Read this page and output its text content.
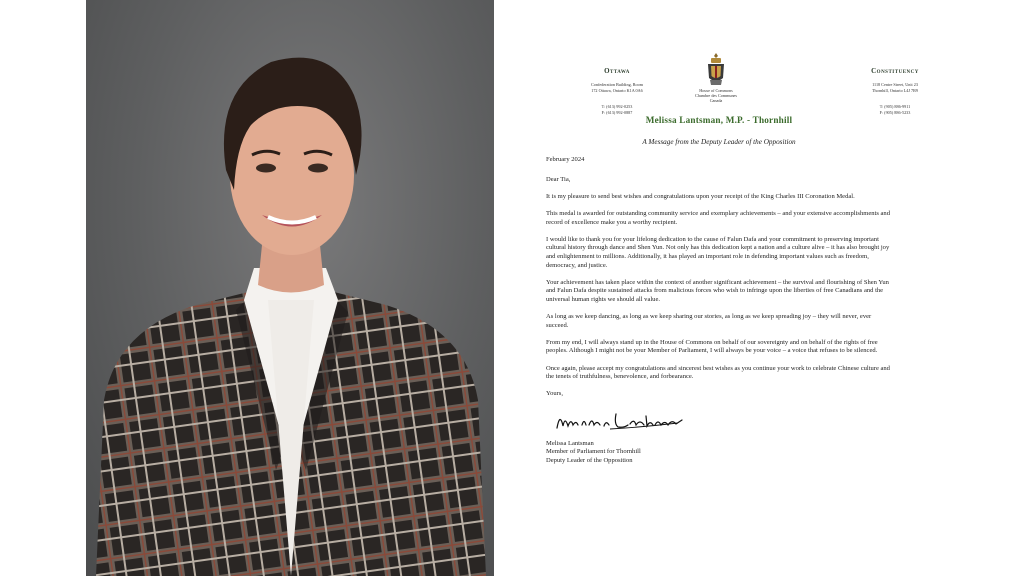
Ottawa
Confederation Building, Room
172 Ottawa, Ontario K1A 0A6
T: (613) 992-0253
F: (613) 992-0887
House of Commons
Chambre des Communes
Canada
Constituency
1118 Centre Street, Unit 23
Thornhill, Ontario L4J 7R9
T: (905) 886-9911
F: (905) 886-5233
Melissa Lantsman, M.P. - Thornhill
A Message from the Deputy Leader of the Opposition

February 2024

Dear Tia,

It is my pleasure to send best wishes and congratulations upon your receipt of the King Charles III Coronation Medal.

This medal is awarded for outstanding community service and exemplary achievements – and your extensive accomplishments and record of excellence make you a worthy recipient.

I would like to thank you for your lifelong dedication to the cause of Falun Dafa and your commitment to preserving important cultural history through dance and Shen Yun. Not only has this dedication kept a nation and a culture alive – it has also brought joy and enlightenment to millions. Additionally, it has played an important role in defending important values such as freedom, democracy, and justice.

Your achievement has taken place within the context of another significant achievement – the survival and flourishing of Shen Yun and Falun Dafa despite sustained attacks from malicious forces who wish to infringe upon the liberties of free Canadians and the universal human rights we should all value.

As long as we keep dancing, as long as we keep sharing our stories, as long as we keep spreading joy – they will never, ever succeed.

From my end, I will always stand up in the House of Commons on behalf of our sovereignty and on behalf of the rights of free peoples. Although I might not be your Member of Parliament, I will always be your voice – a voice that refuses to be silenced.

Once again, please accept my congratulations and sincerest best wishes as you continue your work to celebrate Chinese culture and the tenets of truthfulness, benevolence, and forbearance.

Yours,

Melissa Lantsman
Member of Parliament for Thornhill
Deputy Leader of the Opposition
